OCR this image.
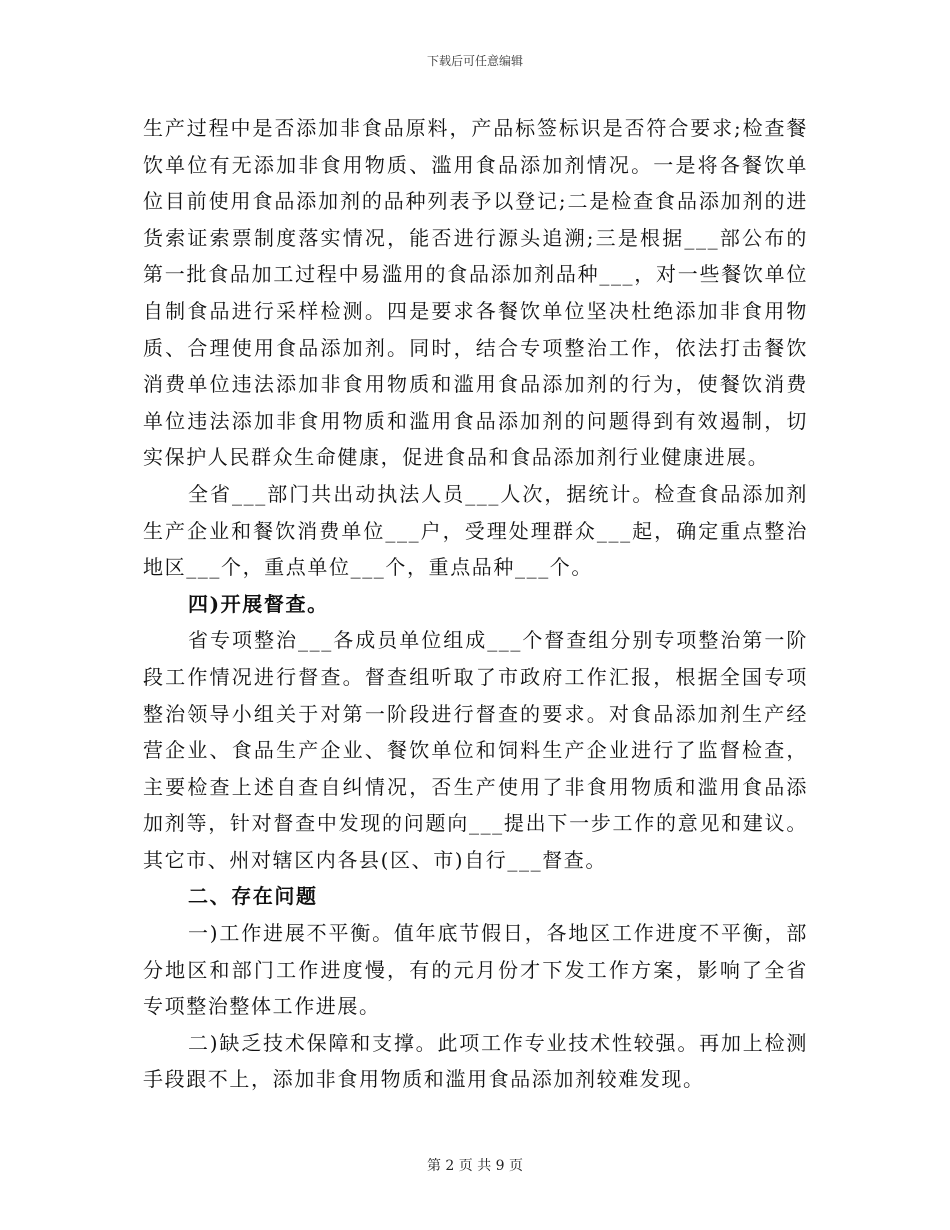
下载后可任意编辑

生产过程中是否添加非食品原料，产品标签标识是否符合要求;检查餐饮单位有无添加非食用物质、滥用食品添加剂情况。一是将各餐饮单位目前使用食品添加剂的品种列表予以登记;二是检查食品添加剂的进货索证索票制度落实情况，能否进行源头追溯;三是根据___部公布的第一批食品加工过程中易滥用的食品添加剂品种___，对一些餐饮单位自制食品进行采样检测。四是要求各餐饮单位坚决杜绝添加非食用物质、合理使用食品添加剂。同时，结合专项整治工作，依法打击餐饮消费单位违法添加非食用物质和滥用食品添加剂的行为，使餐饮消费单位违法添加非食用物质和滥用食品添加剂的问题得到有效遏制，切实保护人民群众生命健康，促进食品和食品添加剂行业健康进展。

全省___部门共出动执法人员___人次，据统计。检查食品添加剂生产企业和餐饮消费单位___户，受理处理群众___起，确定重点整治地区___个，重点单位___个，重点品种___个。

四)开展督查。

省专项整治___各成员单位组成___个督查组分别专项整治第一阶段工作情况进行督查。督查组听取了市政府工作汇报，根据全国专项整治领导小组关于对第一阶段进行督查的要求。对食品添加剂生产经营企业、食品生产企业、餐饮单位和饲料生产企业进行了监督检查，主要检查上述自查自纠情况，否生产使用了非食用物质和滥用食品添加剂等，针对督查中发现的问题向___提出下一步工作的意见和建议。其它市、州对辖区内各县(区、市)自行___督查。

二、存在问题

一)工作进展不平衡。值年底节假日，各地区工作进度不平衡，部分地区和部门工作进度慢，有的元月份才下发工作方案，影响了全省专项整治整体工作进展。

二)缺乏技术保障和支撑。此项工作专业技术性较强。再加上检测手段跟不上，添加非食用物质和滥用食品添加剂较难发现。

第 2 页 共 9 页
